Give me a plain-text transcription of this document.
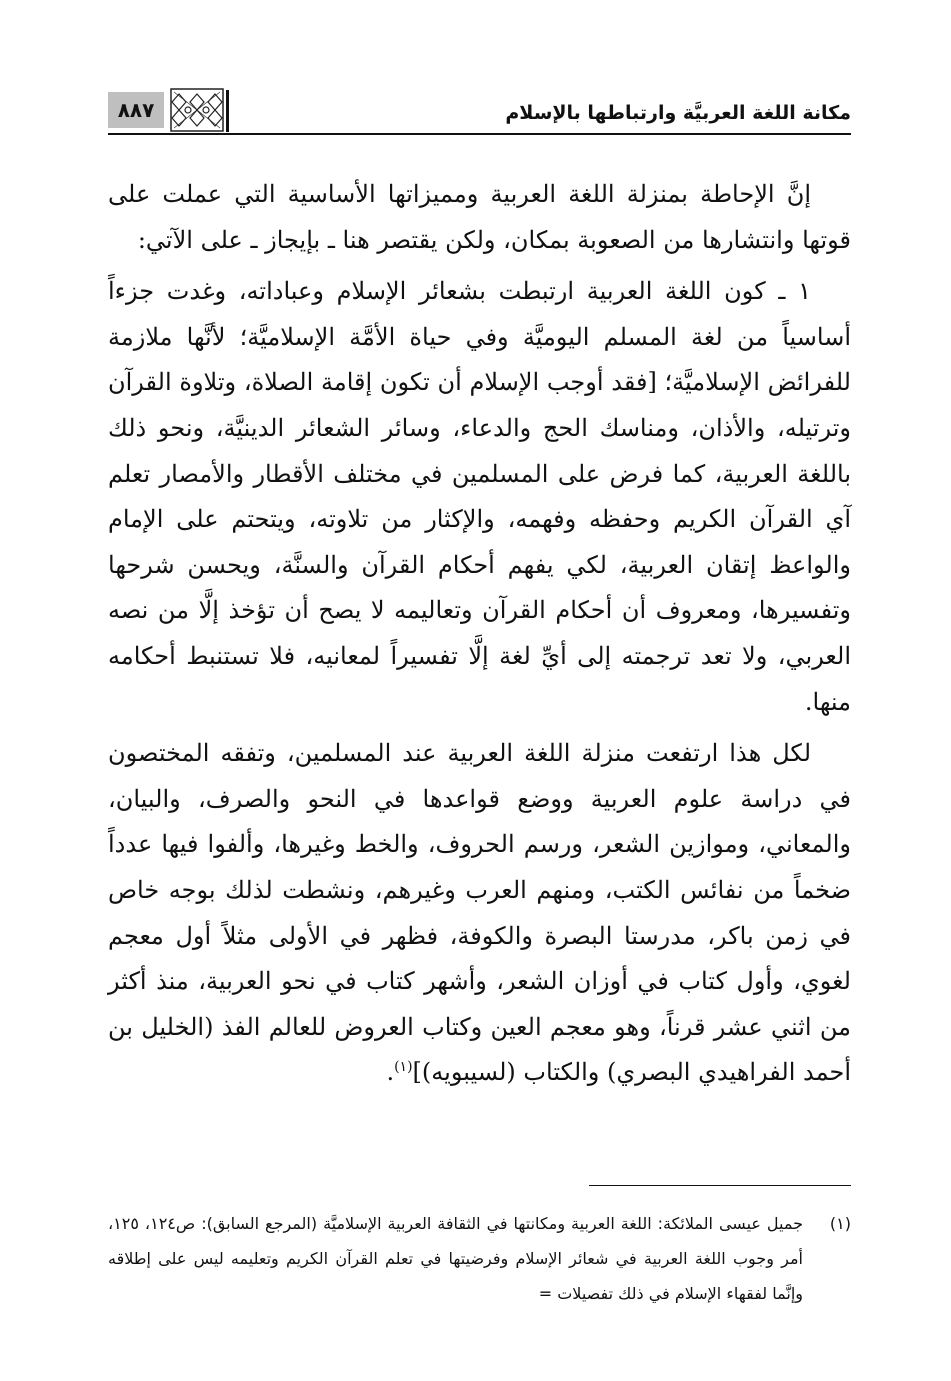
مكانة اللغة العربيَّة وارتباطها بالإسلام
٨٨٧

إنَّ الإحاطة بمنزلة اللغة العربية ومميزاتها الأساسية التي عملت على قوتها وانتشارها من الصعوبة بمكان، ولكن يقتصر هنا ـ بإيجاز ـ على الآتي:

١ ـ كون اللغة العربية ارتبطت بشعائر الإسلام وعباداته، وغدت جزءاً أساسياً من لغة المسلم اليوميَّة وفي حياة الأمَّة الإسلاميَّة؛ لأنَّها ملازمة للفرائض الإسلاميَّة؛ [فقد أوجب الإسلام أن تكون إقامة الصلاة، وتلاوة القرآن وترتيله، والأذان، ومناسك الحج والدعاء، وسائر الشعائر الدينيَّة، ونحو ذلك باللغة العربية، كما فرض على المسلمين في مختلف الأقطار والأمصار تعلم آي القرآن الكريم وحفظه وفهمه، والإكثار من تلاوته، ويتحتم على الإمام والواعظ إتقان العربية، لكي يفهم أحكام القرآن والسنَّة، ويحسن شرحها وتفسيرها، ومعروف أن أحكام القرآن وتعاليمه لا يصح أن تؤخذ إلَّا من نصه العربي، ولا تعد ترجمته إلى أيِّ لغة إلَّا تفسيراً لمعانيه، فلا تستنبط أحكامه منها.

لكل هذا ارتفعت منزلة اللغة العربية عند المسلمين، وتفقه المختصون في دراسة علوم العربية ووضع قواعدها في النحو والصرف، والبيان، والمعاني، وموازين الشعر، ورسم الحروف، والخط وغيرها، وألفوا فيها عدداً ضخماً من نفائس الكتب، ومنهم العرب وغيرهم، ونشطت لذلك بوجه خاص في زمن باكر، مدرستا البصرة والكوفة، فظهر في الأولى مثلاً أول معجم لغوي، وأول كتاب في أوزان الشعر، وأشهر كتاب في نحو العربية، منذ أكثر من اثني عشر قرناً، وهو معجم العين وكتاب العروض للعالم الفذ (الخليل بن أحمد الفراهيدي البصري) والكتاب (لسيبويه)]$^{(١)}$.

(١)
جميل عيسى الملائكة: اللغة العربية ومكانتها في الثقافة العربية الإسلاميَّة (المرجع السابق): ص١٢٤، ١٢٥، أمر وجوب اللغة العربية في شعائر الإسلام وفرضيتها في تعلم القرآن الكريم وتعليمه ليس على إطلاقه وإنَّما لفقهاء الإسلام في ذلك تفصيلات =
